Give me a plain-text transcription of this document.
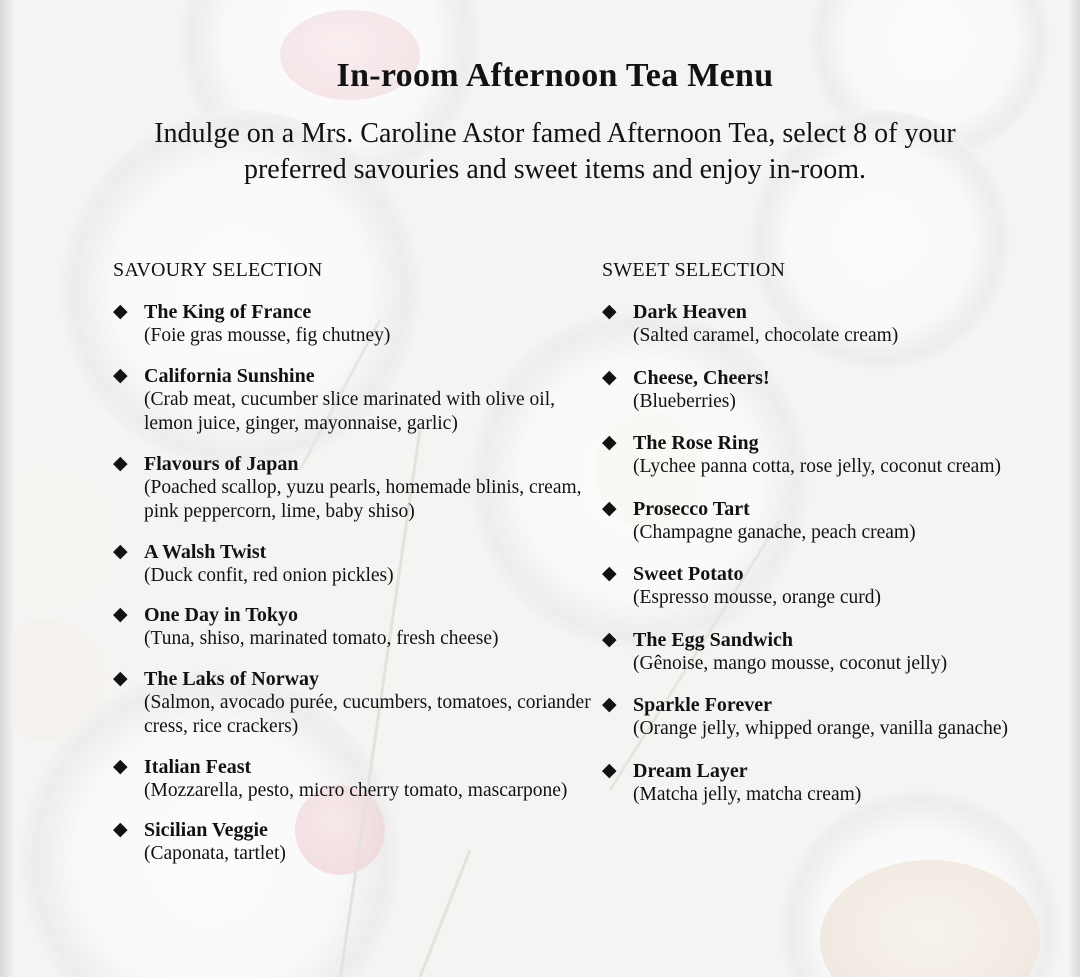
In-room Afternoon Tea Menu
Indulge on a Mrs. Caroline Astor famed Afternoon Tea, select 8 of your preferred savouries and sweet items and enjoy in-room.
SAVOURY SELECTION
◆ The King of France
(Foie gras mousse, fig chutney)
◆ California Sunshine
(Crab meat, cucumber slice marinated with olive oil, lemon juice, ginger, mayonnaise, garlic)
◆ Flavours of Japan
(Poached scallop, yuzu pearls, homemade blinis, cream, pink peppercorn, lime, baby shiso)
◆ A Walsh Twist
(Duck confit, red onion pickles)
◆ One Day in Tokyo
(Tuna, shiso, marinated tomato, fresh cheese)
◆ The Laks of Norway
(Salmon, avocado purée, cucumbers, tomatoes, coriander cress, rice crackers)
◆ Italian Feast
(Mozzarella, pesto, micro cherry tomato, mascarpone)
◆ Sicilian Veggie
(Caponata, tartlet)
SWEET SELECTION
◆ Dark Heaven
(Salted caramel, chocolate cream)
◆ Cheese, Cheers!
(Blueberries)
◆ The Rose Ring
(Lychee panna cotta, rose jelly, coconut cream)
◆ Prosecco Tart
(Champagne ganache, peach cream)
◆ Sweet Potato
(Espresso mousse, orange curd)
◆ The Egg Sandwich
(Gênoise, mango mousse, coconut jelly)
◆ Sparkle Forever
(Orange jelly, whipped orange, vanilla ganache)
◆ Dream Layer
(Matcha jelly, matcha cream)
